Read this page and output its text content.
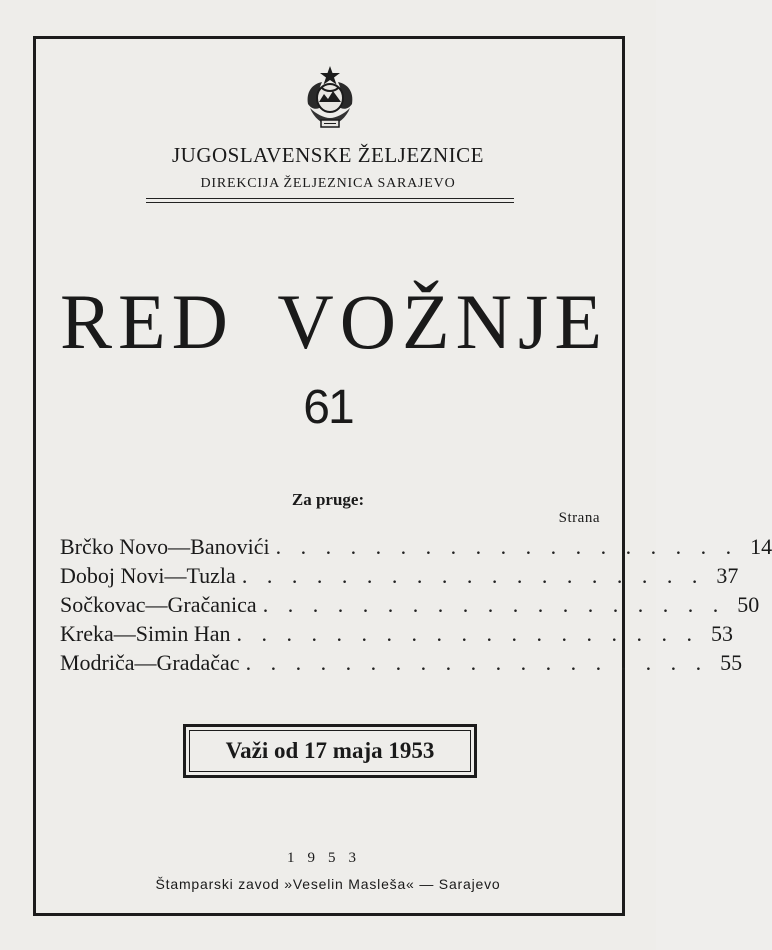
JUGOSLAVENSKE ŽELJEZNICE
DIREKCIJA ŽELJEZNICA SARAJEVO
RED VOŽNJE
61
Za pruge:
Strana
Brčko Novo—Banovići . . . . . . . . . . . . . . . . . . . 14
Doboj Novi—Tuzla . . . . . . . . . . . . . . . . . . . 37
Sočkovac—Gračanica . . . . . . . . . . . . . . . . . . . 50
Kreka—Simin Han . . . . . . . . . . . . . . . . . . . 53
Modriča—Gradačac . . . . . . . . . . . . . . . . . . . 55
Važi od 17 maja 1953
1953
Štamparski zavod »Veselin Masleša« — Sarajevo
